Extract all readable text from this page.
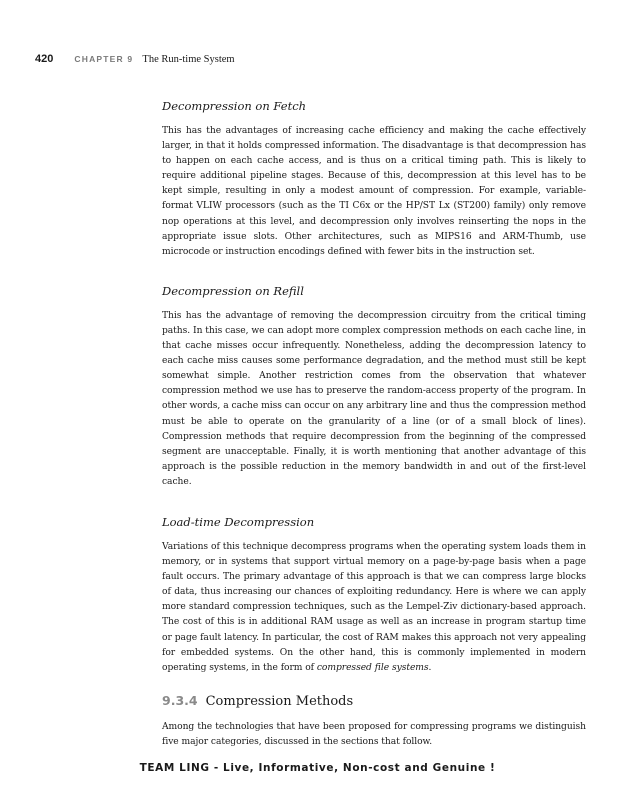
420 CHAPTER 9 The Run-time System
Decompression on Fetch

This has the advantages of increasing cache efficiency and making the cache effectively larger, in that it holds compressed information. The disadvantage is that decompression has to happen on each cache access, and is thus on a critical timing path. This is likely to require additional pipeline stages. Because of this, decompression at this level has to be kept simple, resulting in only a modest amount of compression. For example, variable-format VLIW processors (such as the TI C6x or the HP/ST Lx (ST200) family) only remove nop operations at this level, and decompression only involves reinserting the nops in the appropriate issue slots. Other architectures, such as MIPS16 and ARM-Thumb, use microcode or instruction encodings defined with fewer bits in the instruction set.

Decompression on Refill

This has the advantage of removing the decompression circuitry from the critical timing paths. In this case, we can adopt more complex compression methods on each cache line, in that cache misses occur infrequently. Nonetheless, adding the decompression latency to each cache miss causes some performance degradation, and the method must still be kept somewhat simple. Another restriction comes from the observation that whatever compression method we use has to preserve the random-access property of the program. In other words, a cache miss can occur on any arbitrary line and thus the compression method must be able to operate on the granularity of a line (or of a small block of lines). Compression methods that require decompression from the beginning of the compressed segment are unacceptable. Finally, it is worth mentioning that another advantage of this approach is the possible reduction in the memory bandwidth in and out of the first-level cache.

Load-time Decompression

Variations of this technique decompress programs when the operating system loads them in memory, or in systems that support virtual memory on a page-by-page basis when a page fault occurs. The primary advantage of this approach is that we can compress large blocks of data, thus increasing our chances of exploiting redundancy. Here is where we can apply more standard compression techniques, such as the Lempel-Ziv dictionary-based approach. The cost of this is in additional RAM usage as well as an increase in program startup time or page fault latency. In particular, the cost of RAM makes this approach not very appealing for embedded systems. On the other hand, this is commonly implemented in modern operating systems, in the form of compressed file systems.

9.3.4 Compression Methods

Among the technologies that have been proposed for compressing programs we distinguish five major categories, discussed in the sections that follow.

TEAM LING - Live, Informative, Non-cost and Genuine !
